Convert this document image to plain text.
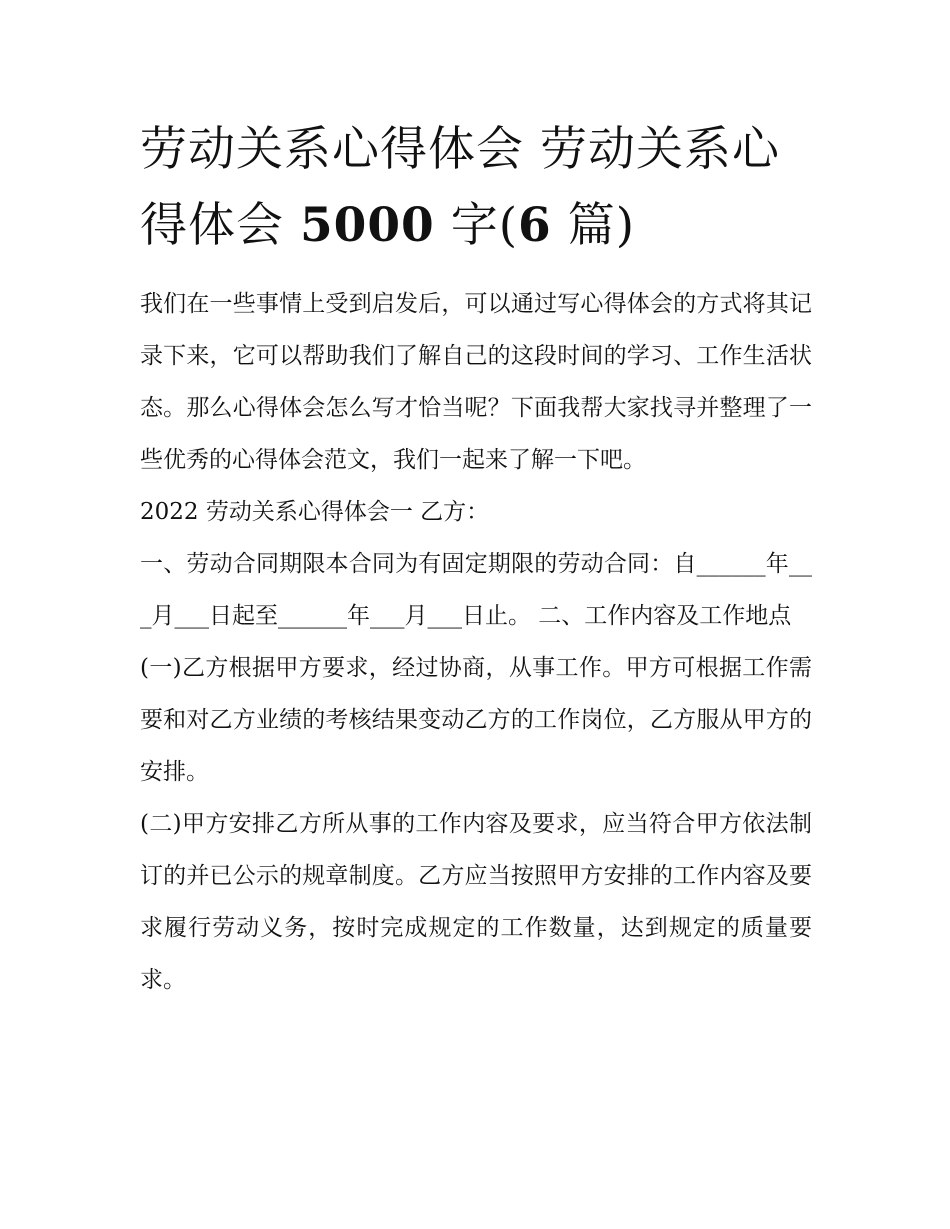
劳动关系心得体会 劳动关系心得体会 5000 字(6 篇)

我们在一些事情上受到启发后，可以通过写心得体会的方式将其记录下来，它可以帮助我们了解自己的这段时间的学习、工作生活状态。那么心得体会怎么写才恰当呢？下面我帮大家找寻并整理了一些优秀的心得体会范文，我们一起来了解一下吧。

2022 劳动关系心得体会一 乙方：

一、劳动合同期限本合同为有固定期限的劳动合同：自______年___月___日起至______年___月___日止。 二、工作内容及工作地点

(一)乙方根据甲方要求，经过协商，从事工作。甲方可根据工作需要和对乙方业绩的考核结果变动乙方的工作岗位，乙方服从甲方的安排。

(二)甲方安排乙方所从事的工作内容及要求，应当符合甲方依法制订的并已公示的规章制度。乙方应当按照甲方安排的工作内容及要求履行劳动义务，按时完成规定的工作数量，达到规定的质量要求。
